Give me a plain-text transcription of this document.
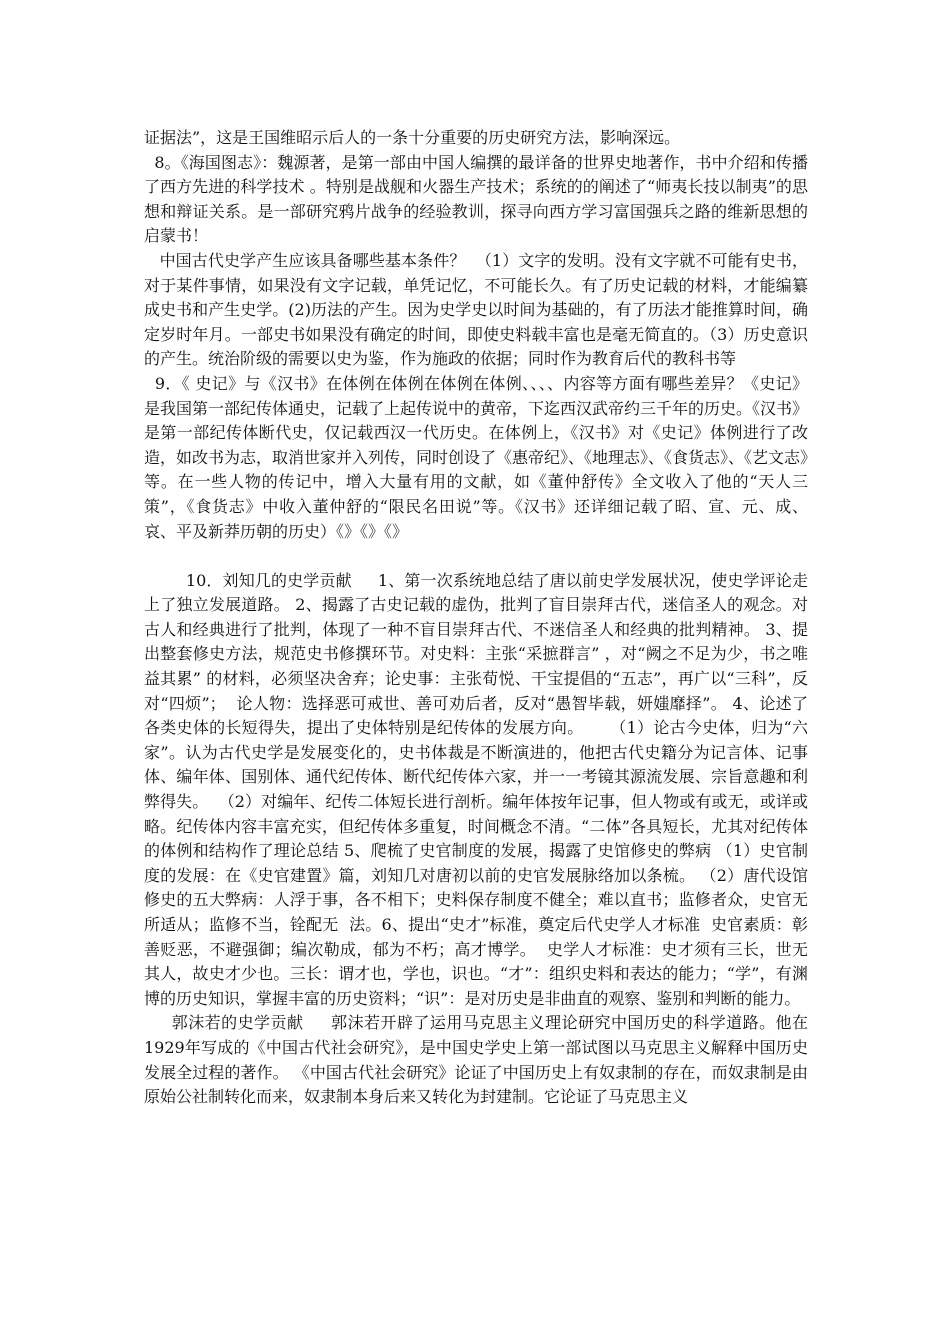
证据法”，这是王国维昭示后人的一条十分重要的历史研究方法，影响深远。

8。《海国图志》：魏源著，是第一部由中国人编撰的最详备的世界史地著作，书中介绍和传播了西方先进的科学技术 。特别是战舰和火器生产技术；系统的的阐述了“师夷长技以制夷”的思想和辩证关系。是一部研究鸦片战争的经验教训，探寻向西方学习富国强兵之路的维新思想的启蒙书！

中国古代史学产生应该具备哪些基本条件？  （1）文字的发明。没有文字就不可能有史书，对于某件事情，如果没有文字记载，单凭记忆，不可能长久。有了历史记载的材料，才能编纂成史书和产生史学。(2)历法的产生。因为史学史以时间为基础的，有了历法才能推算时间，确定岁时年月。一部史书如果没有确定的时间，即使史料载丰富也是毫无简直的。（3）历史意识的产生。统治阶级的需要以史为鉴，作为施政的依据；同时作为教育后代的教科书等

9．《 史记》与《汉书》在体例在体例在体例在体例、、、、内容等方面有哪些差异？《史记》是我国第一部纪传体通史，记载了上起传说中的黄帝，下迄西汉武帝约三千年的历史。《汉书》是第一部纪传体断代史，仅记载西汉一代历史。在体例上，《汉书》对《史记》体例进行了改造，如改书为志，取消世家并入列传，同时创设了《惠帝纪》、《地理志》、《食货志》、《艺文志》等。在一些人物的传记中，增入大量有用的文献，如《董仲舒传》全文收入了他的“天人三策”，《食货志》中收入董仲舒的“限民名田说”等。《汉书》还详细记载了昭、宣、元、成、哀、平及新莽历朝的历史）《》《》《》

10．刘知几的史学贡献     1、第一次系统地总结了唐以前史学发展状况，使史学评论走上了独立发展道路。 2、揭露了古史记载的虚伪，批判了盲目崇拜古代，迷信圣人的观念。对古人和经典进行了批判，体现了一种不盲目崇拜古代、不迷信圣人和经典的批判精神。 3、提出整套修史方法，规范史书修撰环节。对史料：主张“采摭群言” ，对“阙之不足为少，书之唯     益其累” 的材料，必须坚决舍弃；论史事：主张荀悦、干宝提倡的“五志”，再广以“三科”，反对“四烦”；  论人物：选择恶可戒世、善可劝后者，反对“愚智毕载，妍媸靡择”。 4、论述了各类史体的长短得失，提出了史体特别是纪传体的发展方向。     （1）论古今史体，归为“六家”。认为古代史学是发展变化的，史书体裁是不断演进的，他把古代史籍分为记言体、记事体、编年体、国别体、通代纪传体、断代纪传体六家，并一一考镜其源流发展、宗旨意趣和利弊得失。  （2）对编年、纪传二体短长进行剖析。编年体按年记事，但人物或有或无，或详或略。纪传体内容丰富充实，但纪传体多重复，时间概念不清。“二体”各具短长，尤其对纪传体的体例和结构作了理论总结 5、爬梳了史官制度的发展，揭露了史馆修史的弊病 （1）史官制度的发展：在《史官建置》篇，刘知几对唐初以前的史官发展脉络加以条梳。 （2）唐代设馆修史的五大弊病：人浮于事，各不相下；史料保存制度不健全；难以直书；监修者众，史官无所适从；监修不当，铨配无  法。6、提出“史才”标准，奠定后代史学人才标准  史官素质：彰善贬恶，不避强御；编次勒成，郁为不朽；高才博学。  史学人才标准：史才须有三长，世无其人，故史才少也。三长：谓才也，学也，识也。“才”：组织史料和表达的能力；“学”，有渊博的历史知识，掌握丰富的历史资料；“识”：是对历史是非曲直的观察、鉴别和判断的能力。

郭沫若的史学贡献     郭沫若开辟了运用马克思主义理论研究中国历史的科学道路。他在1929年写成的《中国古代社会研究》，是中国史学史上第一部试图以马克思主义解释中国历史发展全过程的著作。 《中国古代社会研究》论证了中国历史上有奴隶制的存在，而奴隶制是由原始公社制转化而来，奴隶制本身后来又转化为封建制。它论证了马克思主义
